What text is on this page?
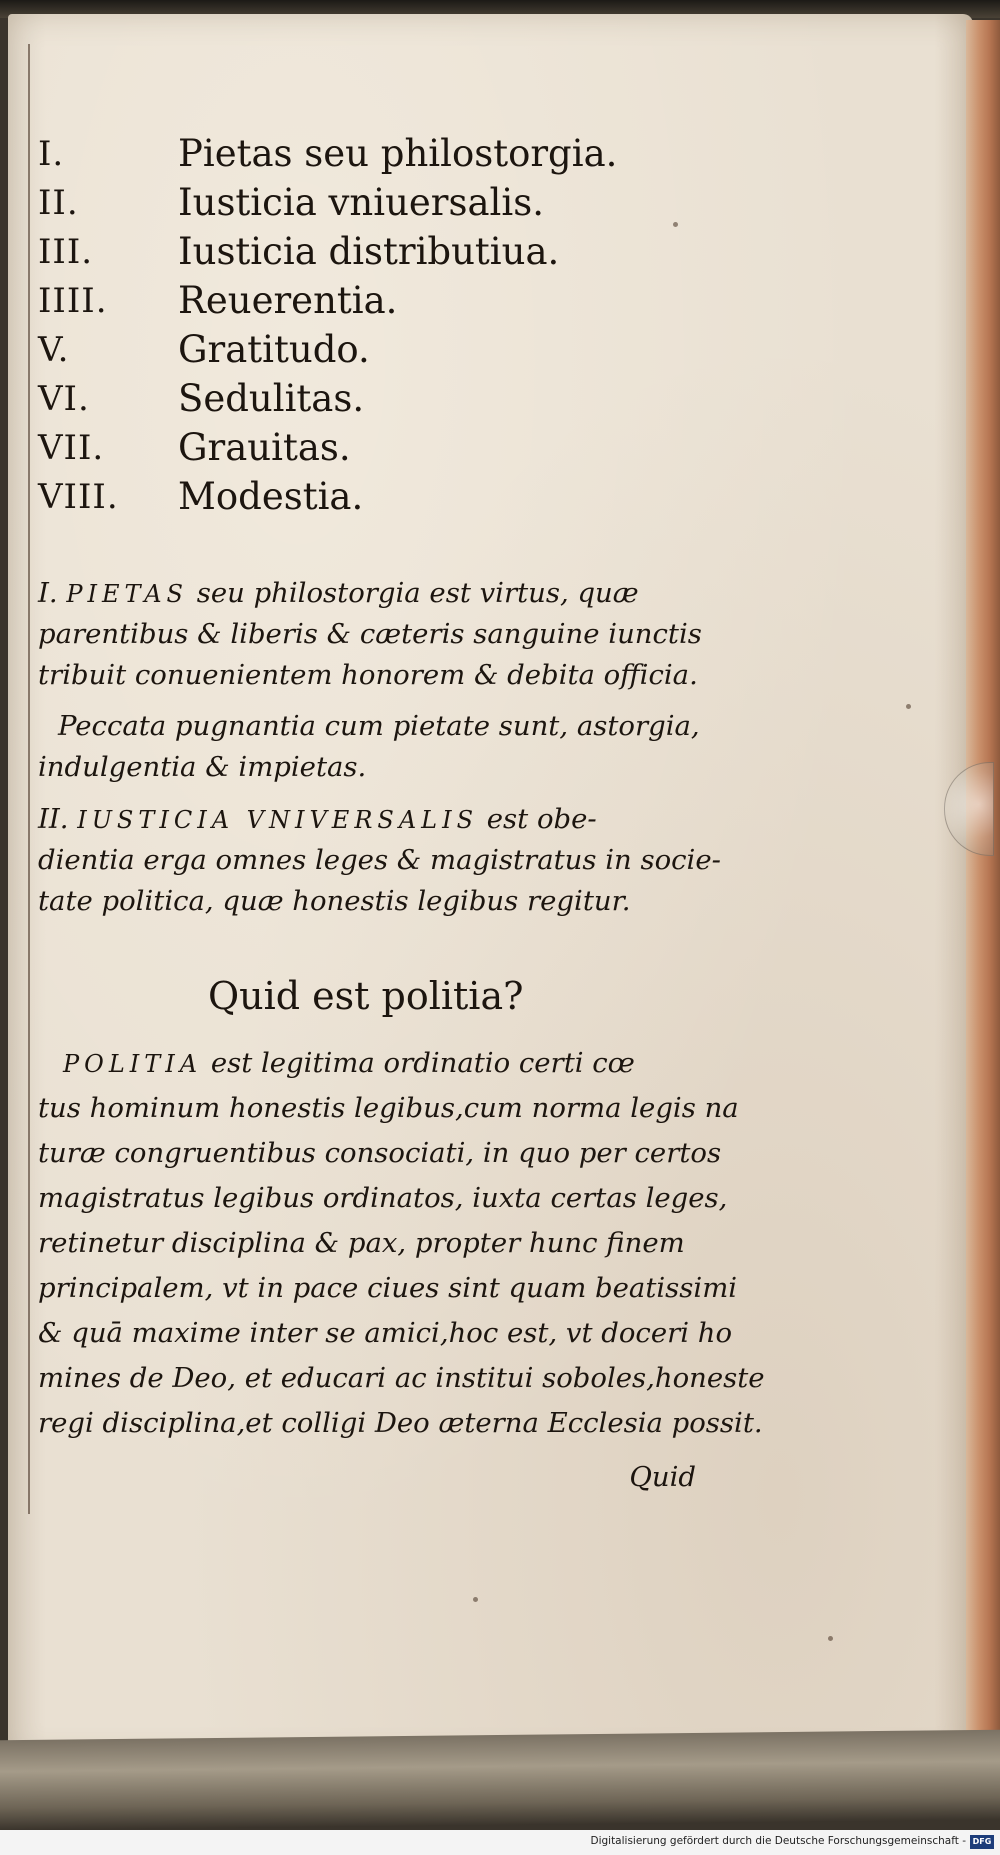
I.	Pietas seu philostorgia.
II.	Iusticia vniuersalis.
III. Iusticia distributiua.
IIII. Reuerentia.
V.	Gratitudo.
VI. Sedulitas.
VII. Grauitas.
VIII. Modestia.
I. PIETAS seu philostorgia est virtus, quæ
parentibus & liberis & cæteris sanguine iunctis
tribuit conuenientem honorem & debita officia.
Peccata pugnantia cum pietate sunt, astorgia,
indulgentia & impietas.
II. IUSTICIA VNIVERSALIS est obe-
dientia erga omnes leges & magistratus in socie-
tate politica, quæ honestis legibus regitur.
Quid est politia?
POLITIA est legitima ordinatio certi cœ
tus hominum honestis legibus,cum norma legis na
turæ congruentibus consociati, in quo per certos
magistratus legibus ordinatos, iuxta certas leges,
retinetur disciplina & pax, propter hunc finem
principalem, vt in pace ciues sint quam beatissimi
& quā maxime inter se amici,hoc est, vt doceri ho
mines de Deo, et educari ac institui soboles,honeste
regi disciplina,et colligi Deo æterna Ecclesia possit.
Quid
Digitalisierung gefördert durch die Deutsche Forschungsgemeinschaft - DFG
